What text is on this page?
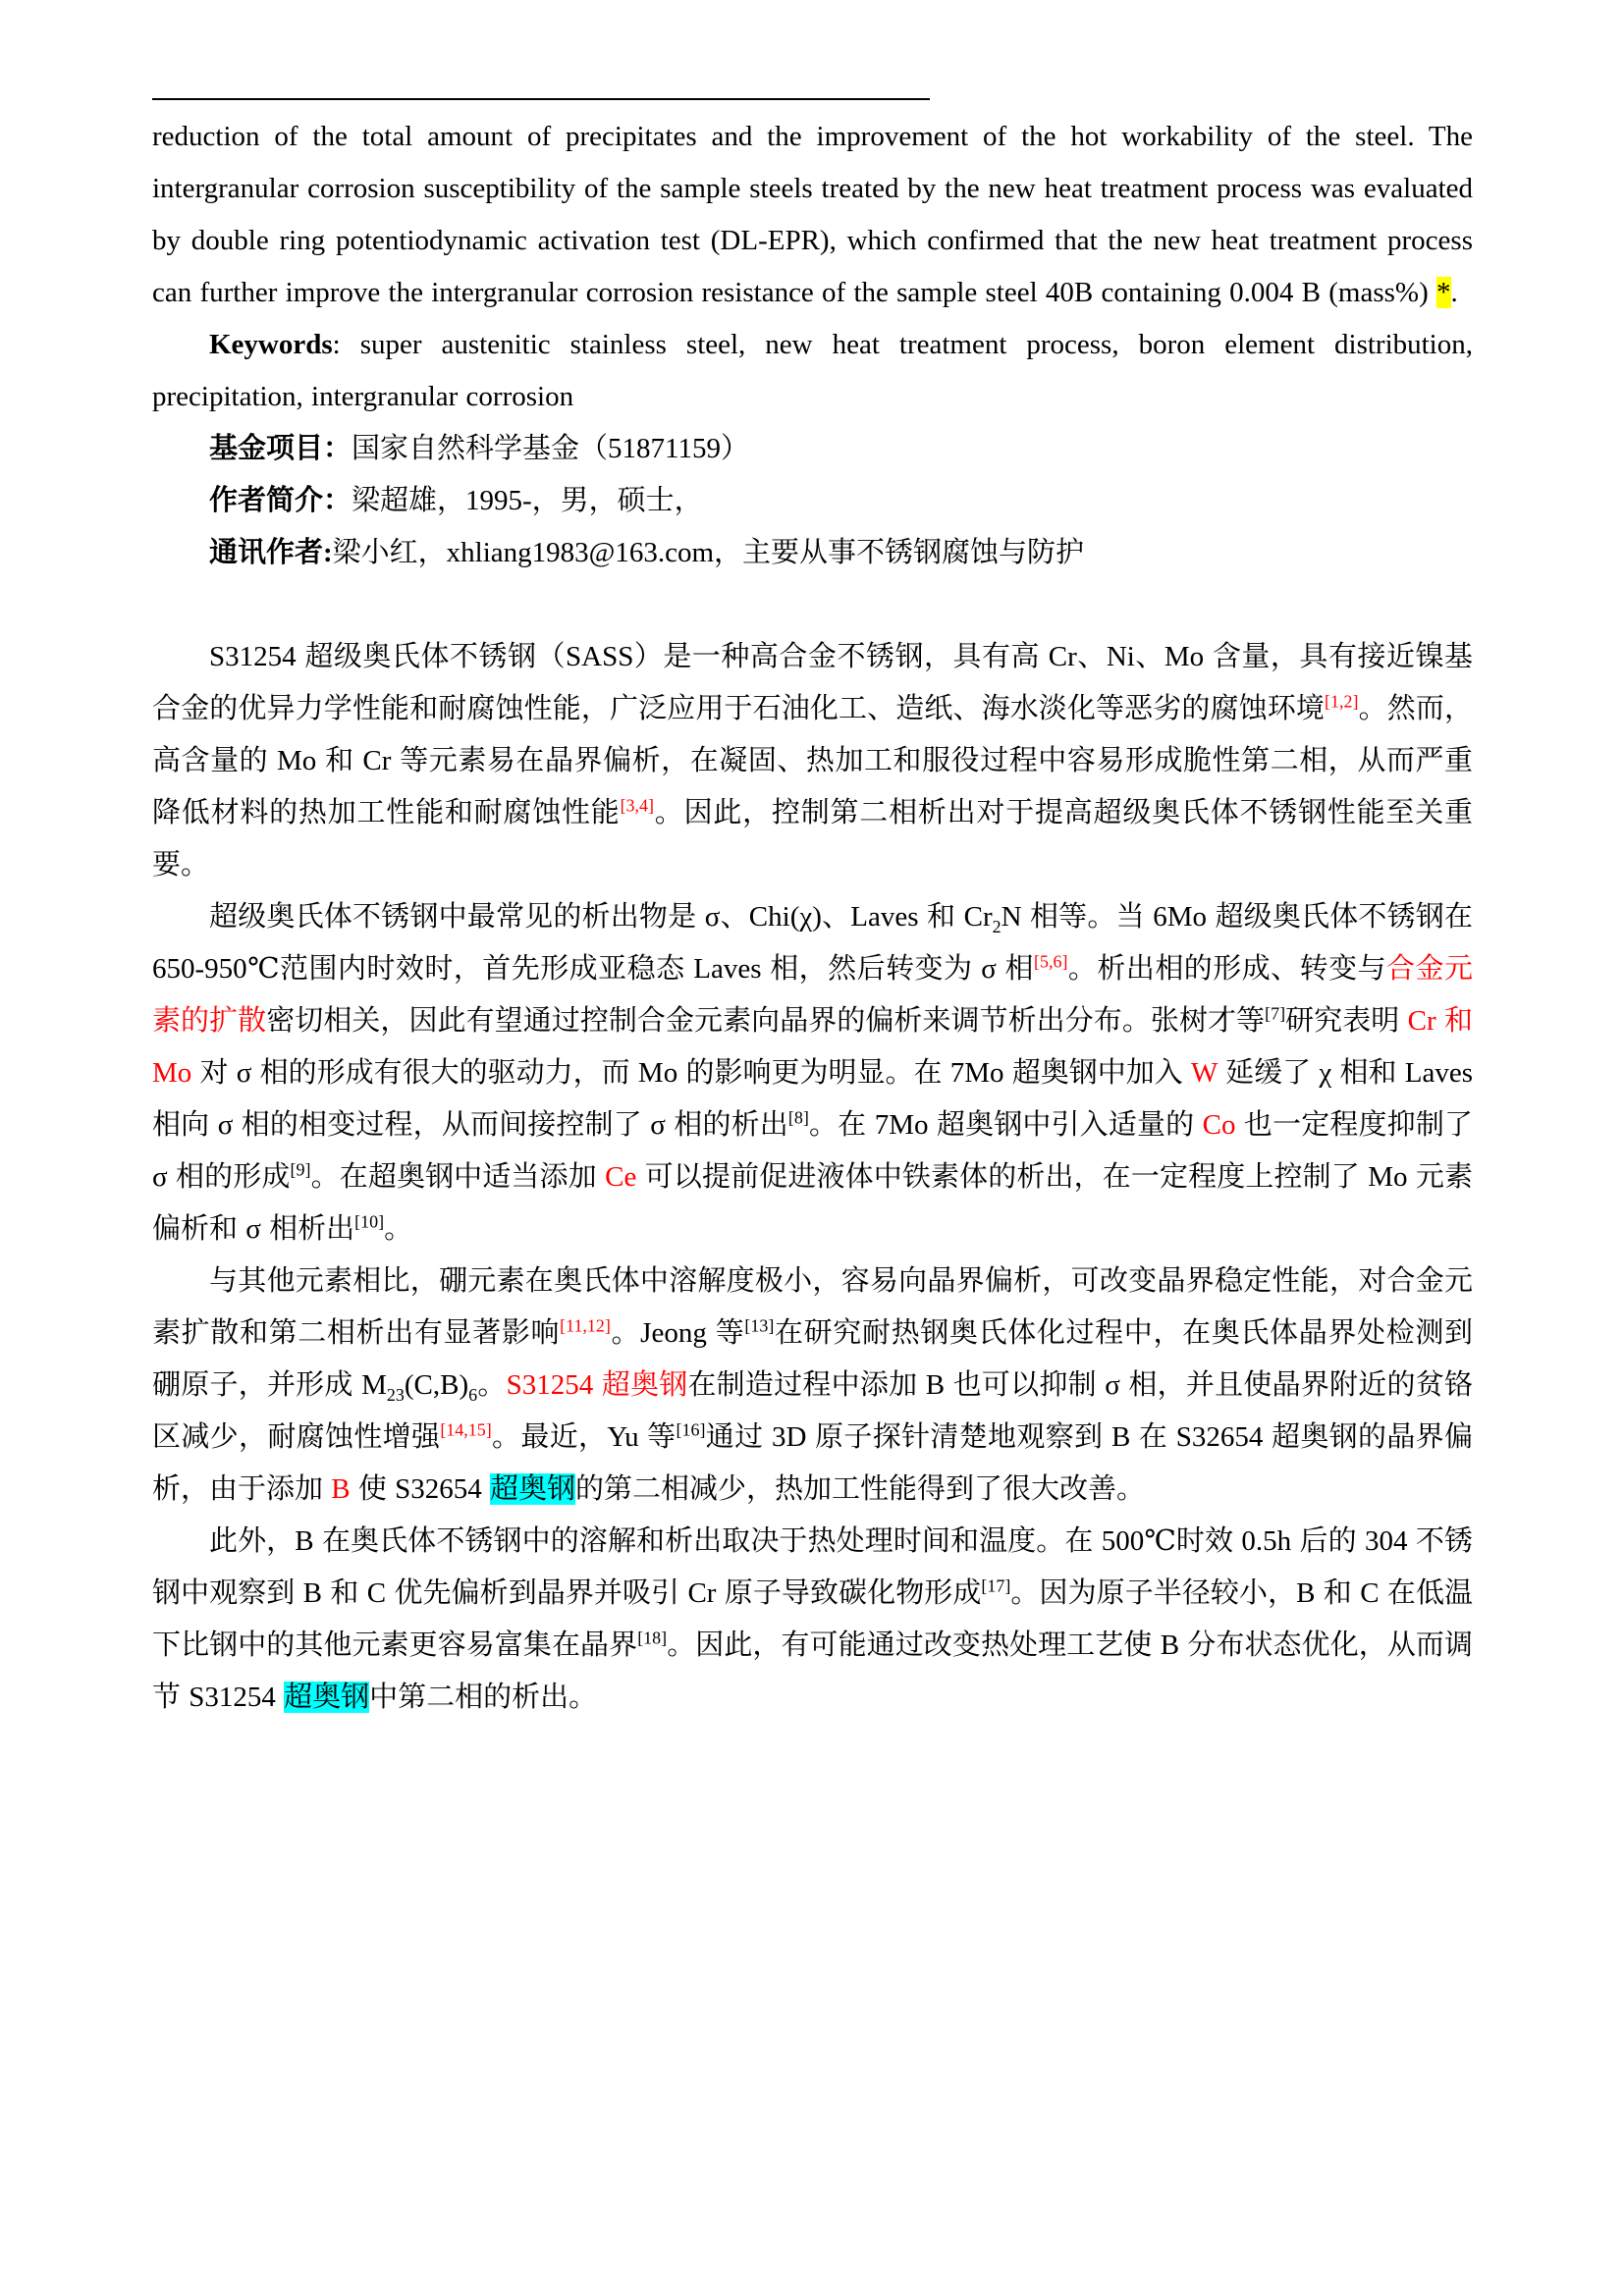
reduction of the total amount of precipitates and the improvement of the hot workability of the steel. The intergranular corrosion susceptibility of the sample steels treated by the new heat treatment process was evaluated by double ring potentiodynamic activation test (DL-EPR), which confirmed that the new heat treatment process can further improve the intergranular corrosion resistance of the sample steel 40B containing 0.004 B (mass%) *.

Keywords: super austenitic stainless steel, new heat treatment process, boron element distribution, precipitation, intergranular corrosion

基金项目：国家自然科学基金（51871159）

作者简介：梁超雄，1995-，男，硕士，

通讯作者:梁小红，xhliang1983@163.com，主要从事不锈钢腐蚀与防护

S31254 超级奥氏体不锈钢（SASS）是一种高合金不锈钢，具有高 Cr、Ni、Mo 含量，具有接近镍基合金的优异力学性能和耐腐蚀性能，广泛应用于石油化工、造纸、海水淡化等恶劣的腐蚀环境[1,2]。然而，高含量的 Mo 和 Cr 等元素易在晶界偏析，在凝固、热加工和服役过程中容易形成脆性第二相，从而严重降低材料的热加工性能和耐腐蚀性能[3,4]。因此，控制第二相析出对于提高超级奥氏体不锈钢性能至关重要。

超级奥氏体不锈钢中最常见的析出物是 σ、Chi(χ)、Laves 和 $Cr_2N$ 相等。当 6Mo 超级奥氏体不锈钢在 650-950℃范围内时效时，首先形成亚稳态 Laves 相，然后转变为 σ 相[5,6]。析出相的形成、转变与合金元素的扩散密切相关，因此有望通过控制合金元素向晶界的偏析来调节析出分布。张树才等[7]研究表明 Cr 和 Mo 对 σ 相的形成有很大的驱动力，而 Mo 的影响更为明显。在 7Mo 超奥钢中加入 W 延缓了 χ 相和 Laves 相向 σ 相的相变过程，从而间接控制了 σ 相的析出[8]。在 7Mo 超奥钢中引入适量的 Co 也一定程度抑制了 σ 相的形成[9]。在超奥钢中适当添加 Ce 可以提前促进液体中铁素体的析出，在一定程度上控制了 Mo 元素偏析和 σ 相析出[10]。

与其他元素相比，硼元素在奥氏体中溶解度极小，容易向晶界偏析，可改变晶界稳定性能，对合金元素扩散和第二相析出有显著影响[11,12]。Jeong 等[13]在研究耐热钢奥氏体化过程中，在奥氏体晶界处检测到硼原子，并形成 $M_{23}(C,B)_6$。S31254 超奥钢在制造过程中添加 B 也可以抑制 σ 相，并且使晶界附近的贫铬区减少，耐腐蚀性增强[14,15]。最近，Yu 等[16]通过 3D 原子探针清楚地观察到 B 在 S32654 超奥钢的晶界偏析，由于添加 B 使 S32654 超奥钢的第二相减少，热加工性能得到了很大改善。

此外，B 在奥氏体不锈钢中的溶解和析出取决于热处理时间和温度。在 500℃时效 0.5h 后的 304 不锈钢中观察到 B 和 C 优先偏析到晶界并吸引 Cr 原子导致碳化物形成[17]。因为原子半径较小，B 和 C 在低温下比钢中的其他元素更容易富集在晶界[18]。因此，有可能通过改变热处理工艺使 B 分布状态优化，从而调节 S31254 超奥钢中第二相的析出。
